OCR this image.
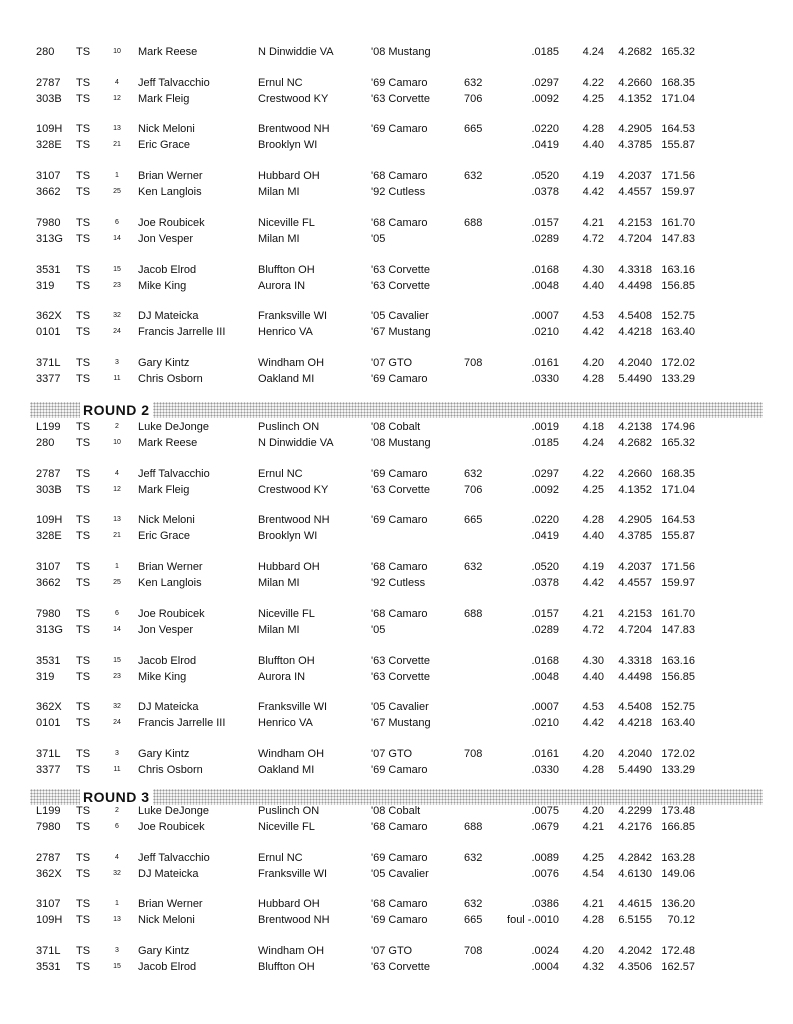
280 TS	10 Mark Reese	N Dinwiddie VA	'08 Mustang	.0185 4.24 4.2682 165.32
2787 TS	4	Jeff Talvacchio	Ernul NC	'69 Camaro	632	.0297 4.22 4.2660 168.35
303B TS	12 Mark Fleig	Crestwood KY	'63 Corvette	706	.0092 4.25 4.1352 171.04
109H TS	13 Nick Meloni	Brentwood NH	'69 Camaro	665	.0220 4.28 4.2905 164.53
328E TS	21 Eric Grace	Brooklyn WI	.0419 4.40 4.3785 155.87
3107 TS	1	Brian Werner	Hubbard OH	'68 Camaro	632	.0520 4.19 4.2037 171.56
3662 TS	25 Ken Langlois	Milan MI	'92 Cutless	.0378 4.42 4.4557 159.97
7980 TS	6	Joe Roubicek	Niceville FL	'68 Camaro	688	.0157 4.21 4.2153 161.70
313G TS	14 Jon Vesper	Milan MI	'05	.0289 4.72 4.7204 147.83
3531 TS	15 Jacob Elrod	Bluffton OH	'63 Corvette	.0168 4.30 4.3318 163.16
319 TS	23 Mike King	Aurora IN	'63 Corvette	.0048 4.40 4.4498 156.85
362X TS	32 DJ Mateicka	Franksville WI	'05 Cavalier	.0007 4.53 4.5408 152.75
0101 TS	24 Francis Jarrelle III	Henrico VA	'67 Mustang	.0210 4.42 4.4218 163.40
371L TS	3	Gary Kintz	Windham OH	'07 GTO	708	.0161 4.20 4.2040 172.02
3377 TS	11	Chris Osborn	Oakland MI	'69 Camaro	.0330 4.28 5.4490 133.29
ROUND 2
L199 TS	2	Luke DeJonge	Puslinch ON	'08 Cobalt	.0019 4.18 4.2138 174.96
280 TS	10 Mark Reese	N Dinwiddie VA	'08 Mustang	.0185 4.24 4.2682 165.32
2787 TS	4	Jeff Talvacchio	Ernul NC	'69 Camaro	632	.0297 4.22 4.2660 168.35
303B TS	12 Mark Fleig	Crestwood KY	'63 Corvette	706	.0092 4.25 4.1352 171.04
109H TS	13 Nick Meloni	Brentwood NH	'69 Camaro	665	.0220 4.28 4.2905 164.53
328E TS	21 Eric Grace	Brooklyn WI	.0419 4.40 4.3785 155.87
3107 TS	1	Brian Werner	Hubbard OH	'68 Camaro	632	.0520 4.19 4.2037 171.56
3662 TS	25 Ken Langlois	Milan MI	'92 Cutless	.0378 4.42 4.4557 159.97
7980 TS	6	Joe Roubicek	Niceville FL	'68 Camaro	688	.0157 4.21 4.2153 161.70
313G TS	14 Jon Vesper	Milan MI	'05	.0289 4.72 4.7204 147.83
3531 TS	15 Jacob Elrod	Bluffton OH	'63 Corvette	.0168 4.30 4.3318 163.16
319 TS	23 Mike King	Aurora IN	'63 Corvette	.0048 4.40 4.4498 156.85
362X TS	32 DJ Mateicka	Franksville WI	'05 Cavalier	.0007 4.53 4.5408 152.75
0101 TS	24 Francis Jarrelle III	Henrico VA	'67 Mustang	.0210 4.42 4.4218 163.40
371L TS	3	Gary Kintz	Windham OH	'07 GTO	708	.0161 4.20 4.2040 172.02
3377 TS	11	Chris Osborn	Oakland MI	'69 Camaro	.0330 4.28 5.4490 133.29
ROUND 3
L199 TS	2	Luke DeJonge	Puslinch ON	'08 Cobalt	.0075 4.20 4.2299 173.48
7980 TS	6	Joe Roubicek	Niceville FL	'68 Camaro	688	.0679 4.21 4.2176 166.85
2787 TS	4	Jeff Talvacchio	Ernul NC	'69 Camaro	632	.0089 4.25 4.2842 163.28
362X TS	32 DJ Mateicka	Franksville WI	'05 Cavalier	.0076 4.54 4.6130 149.06
3107 TS	1	Brian Werner	Hubbard OH	'68 Camaro	632	.0386 4.21 4.4615 136.20
109H TS	13 Nick Meloni	Brentwood NH	'69 Camaro	665 foul -.0010 4.28 6.5155 70.12
371L TS	3	Gary Kintz	Windham OH	'07 GTO	708	.0024 4.20 4.2042 172.48
3531 TS	15 Jacob Elrod	Bluffton OH	'63 Corvette	.0004 4.32 4.3506 162.57
